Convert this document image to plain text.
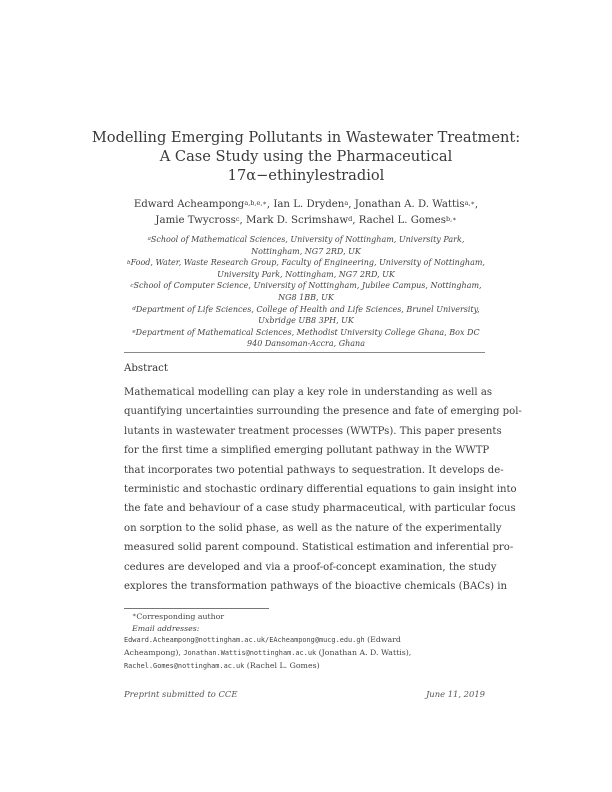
Modelling Emerging Pollutants in Wastewater Treatment:
A Case Study using the Pharmaceutical
17α−ethinylestradiol
Edward Acheampong$^{a,b,e,∗}$, Ian L. Dryden$^a$, Jonathan A. D. Wattis$^{a,∗}$,
Jamie Twycross$^c$, Mark D. Scrimshaw$^d$, Rachel L. Gomes$^{b,∗}$
$^a$School of Mathematical Sciences, University of Nottingham, University Park,
Nottingham, NG7 2RD, UK
$^b$Food, Water, Waste Research Group, Faculty of Engineering, University of Nottingham,
University Park, Nottingham, NG7 2RD, UK
$^c$School of Computer Science, University of Nottingham, Jubilee Campus, Nottingham,
NG8 1BB, UK
$^d$Department of Life Sciences, College of Health and Life Sciences, Brunel University,
Uxbridge UB8 3PH, UK
$^e$Department of Mathematical Sciences, Methodist University College Ghana, Box DC
940 Dansoman-Accra, Ghana
Abstract
Mathematical modelling can play a key role in understanding as well as
quantifying uncertainties surrounding the presence and fate of emerging pol-
lutants in wastewater treatment processes (WWTPs). This paper presents
for the first time a simplified emerging pollutant pathway in the WWTP
that incorporates two potential pathways to sequestration. It develops de-
terministic and stochastic ordinary differential equations to gain insight into
the fate and behaviour of a case study pharmaceutical, with particular focus
on sorption to the solid phase, as well as the nature of the experimentally
measured solid parent compound. Statistical estimation and inferential pro-
cedures are developed and via a proof-of-concept examination, the study
explores the transformation pathways of the bioactive chemicals (BACs) in
∗Corresponding author
Email addresses:
Edward.Acheampong@nottingham.ac.uk/EAcheampong@mucg.edu.gh (Edward
Acheampong), Jonathan.Wattis@nottingham.ac.uk (Jonathan A. D. Wattis),
Rachel.Gomes@nottingham.ac.uk (Rachel L. Gomes)
Preprint submitted to CCE	June 11, 2019
